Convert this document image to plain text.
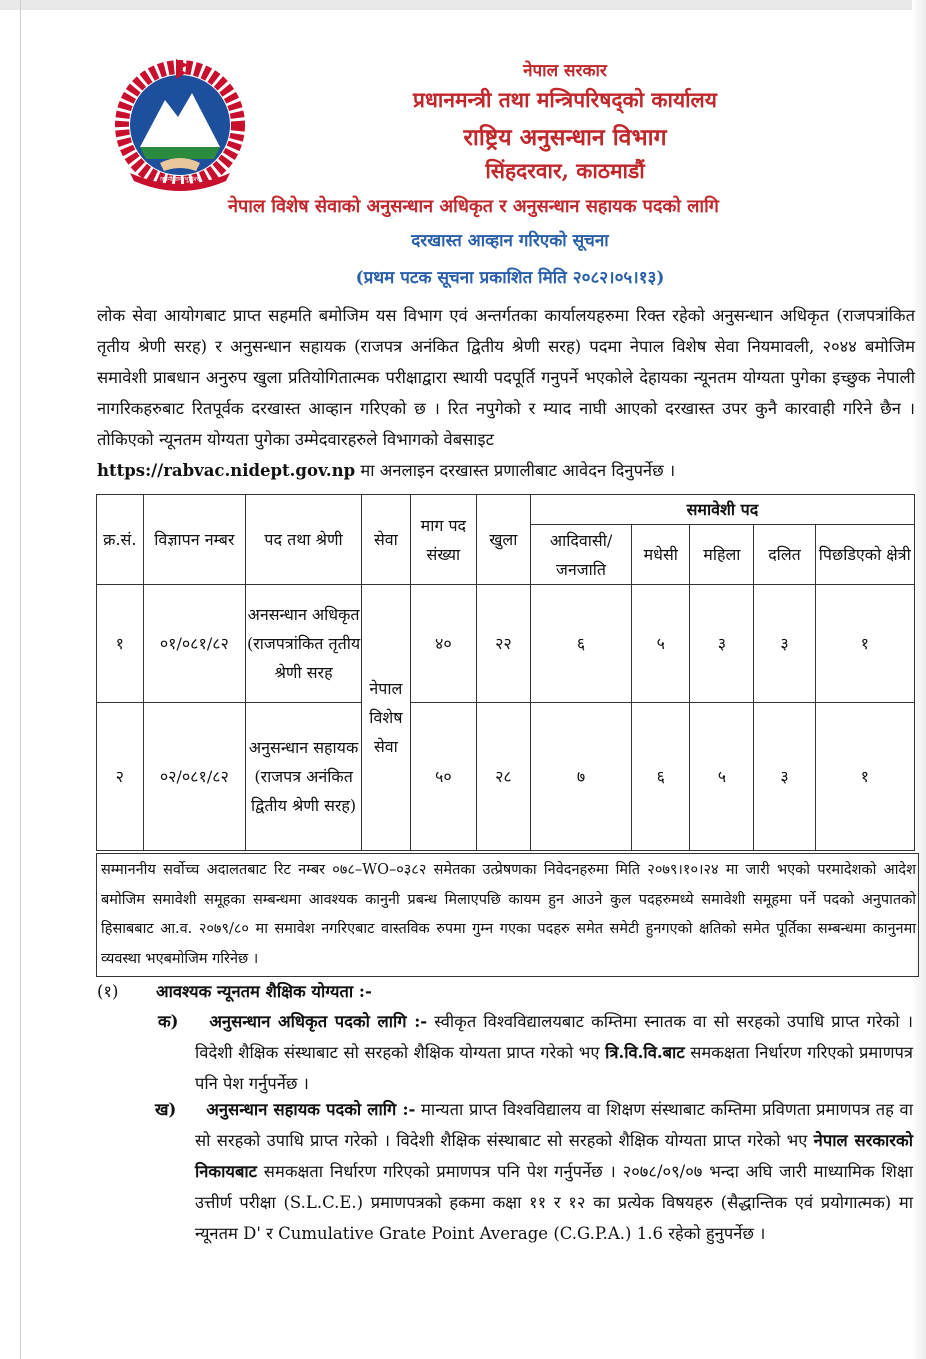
जननी जन्मभूमिश्च

नेपाल सरकार

प्रधानमन्त्री तथा मन्त्रिपरिषद्‌को कार्यालय

राष्ट्रिय अनुसन्धान विभाग

सिंहदरवार, काठमाडौं

नेपाल विशेष सेवाको अनुसन्धान अधिकृत र अनुसन्धान सहायक पदको लागि
दरखास्त आव्हान गरिएको सूचना
(प्रथम पटक सूचना प्रकाशित मिति २०८२।०५।१३)
लोक सेवा आयोगबाट प्राप्त सहमति बमोजिम यस विभाग एवं अन्तर्गतका कार्यालयहरुमा रिक्त रहेको अनुसन्धान अधिकृत (राजपत्रांकित तृतीय श्रेणी सरह) र अनुसन्धान सहायक (राजपत्र अनंकित द्वितीय श्रेणी सरह) पदमा नेपाल विशेष सेवा नियमावली, २०४४ बमोजिम समावेशी प्राबधान अनुरुप खुला प्रतियोगितात्मक परीक्षाद्वारा स्थायी पदपूर्ति गनुपर्ने भएकोले देहायका न्यूनतम योग्यता पुगेका इच्छुक नेपाली नागरिकहरुबाट रितपूर्वक दरखास्त आव्हान गरिएको छ । रित नपुगेको र म्याद नाघी आएको दरखास्त उपर कुनै कारवाही गरिने छैन । तोकिएको न्यूनतम योग्यता पुगेका उम्मेदवारहरुले विभागको वेबसाइट
https://rabvac.nidept.gov.np मा अनलाइन दरखास्त प्रणालीबाट आवेदन दिनुपर्नेछ ।
क्र.सं.	विज्ञापन नम्बर	पद तथा श्रेणी	सेवा	माग पद संख्या	खुला	समावेशी पद				
						आदिवासी/ जनजाति	मधेसी	महिला	दलित	पिछडिएको क्षेत्री
१	०१/०८१/८२	अनसन्धान अधिकृत (राजपत्रांकित तृतीय श्रेणी सरह	नेपाल विशेष सेवा	४०	२२	६	५	३	३	१
२	०२/०८१/८२	अनुसन्धान सहायक (राजपत्र अनंकित द्वितीय श्रेणी सरह)		५०	२८	७	६	५	३	१
सम्माननीय सर्वोच्च अदालतबाट रिट नम्बर ०७८–WO–०३८२ समेतका उत्प्रेषणका निवेदनहरुमा मिति २०७९।१०।२४ मा जारी भएको परमादेशको आदेश बमोजिम समावेशी समूहका सम्बन्धमा आवश्यक कानुनी प्रबन्ध मिलाएपछि कायम हुन आउने कुल पदहरुमध्ये समावेशी समूहमा पर्ने पदको अनुपातको हिसाबबाट आ.व. २०७९/८० मा समावेश नगरिएबाट वास्तविक रुपमा गुम्न गएका पदहरु समेत समेटी हुनगएको क्षतिको समेत पूर्तिका सम्बन्धमा कानुनमा व्यवस्था भएबमोजिम गरिनेछ ।
(१) आवश्यक न्यूनतम शैक्षिक योग्यता :-
क)	अनुसन्धान अधिकृत पदको लागि :- स्वीकृत विश्वविद्यालयबाट कम्तिमा स्नातक वा सो सरहको उपाधि प्राप्त गरेको । विदेशी शैक्षिक संस्थाबाट सो सरहको शैक्षिक योग्यता प्राप्त गरेको भए त्रि.वि.वि.बाट समकक्षता निर्धारण गरिएको प्रमाणपत्र पनि पेश गर्नुपर्नेछ ।
ख)	अनुसन्धान सहायक पदको लागि :- मान्यता प्राप्त विश्वविद्यालय वा शिक्षण संस्थाबाट कम्तिमा प्रविणता प्रमाणपत्र तह वा सो सरहको उपाधि प्राप्त गरेको । विदेशी शैक्षिक संस्थाबाट सो सरहको शैक्षिक योग्यता प्राप्त गरेको भए नेपाल सरकारको निकायबाट समकक्षता निर्धारण गरिएको प्रमाणपत्र पनि पेश गर्नुपर्नेछ । २०७८/०९/०७ भन्दा अघि जारी माध्यामिक शिक्षा उत्तीर्ण परीक्षा (S.L.C.E.) प्रमाणपत्रको हकमा कक्षा ११ र १२ का प्रत्येक विषयहरु (सैद्धान्तिक एवं प्रयोगात्मक) मा न्यूनतम D' र Cumulative Grate Point Average (C.G.P.A.) 1.6 रहेको हुनुपर्नेछ ।
